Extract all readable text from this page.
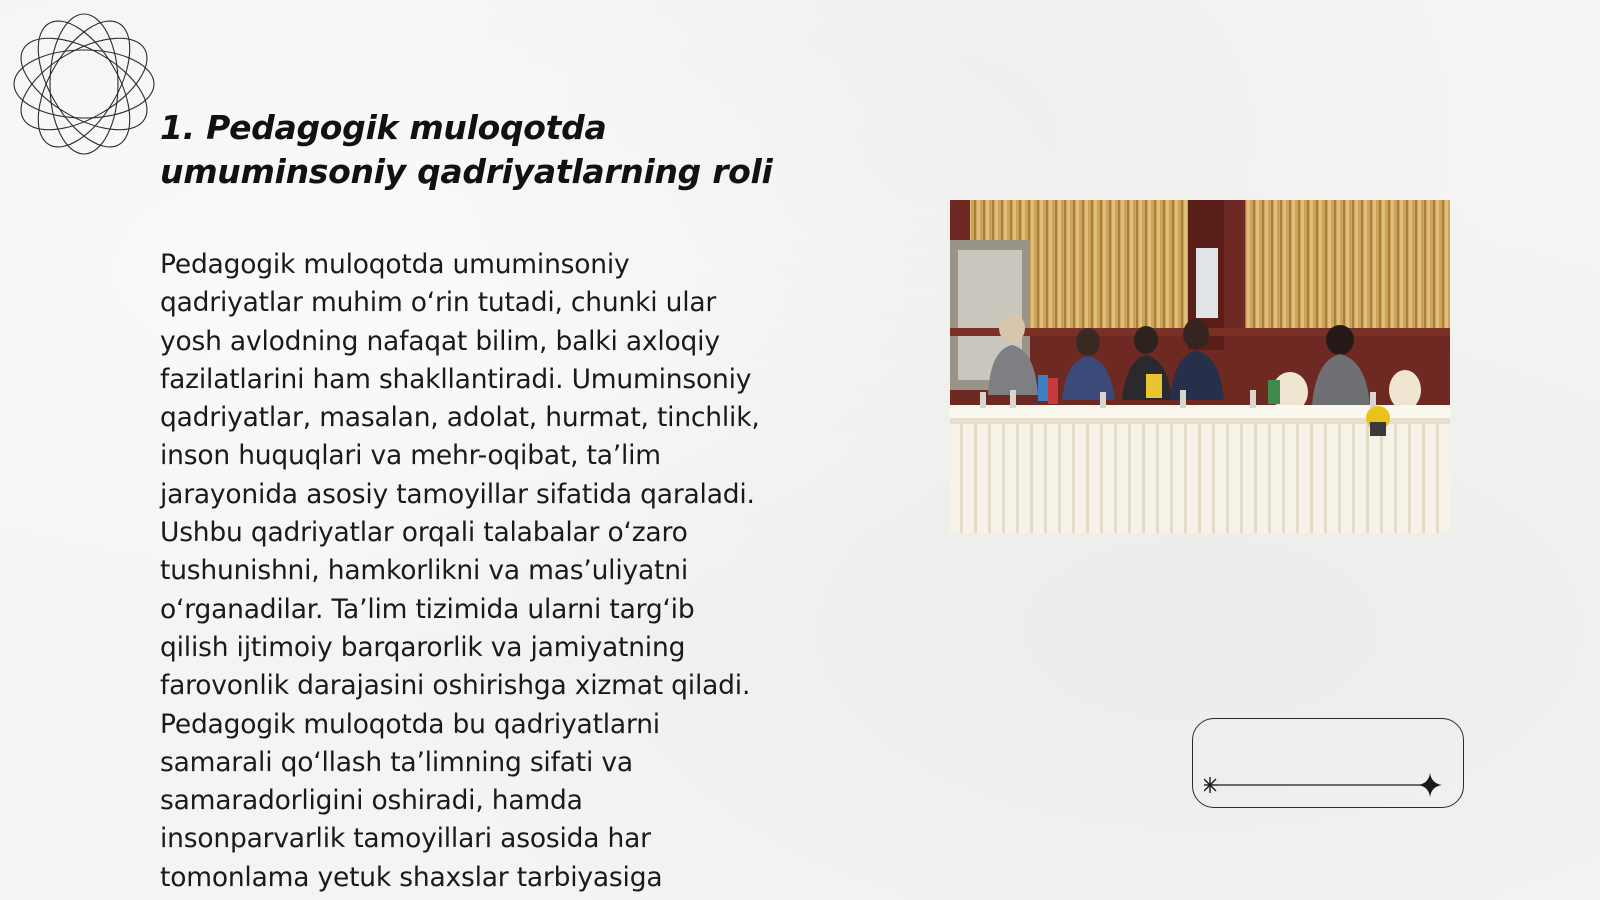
1. Pedagogik muloqotda
umuminsoniy qadriyatlarning roli
Pedagogik muloqotda umuminsoniy
qadriyatlar muhim o‘rin tutadi, chunki ular
yosh avlodning nafaqat bilim, balki axloqiy
fazilatlarini ham shakllantiradi. Umuminsoniy
qadriyatlar, masalan, adolat, hurmat, tinchlik,
inson huquqlari va mehr-oqibat, ta’lim
jarayonida asosiy tamoyillar sifatida qaraladi.
Ushbu qadriyatlar orqali talabalar o‘zaro
tushunishni, hamkorlikni va mas’uliyatni
o‘rganadilar. Ta’lim tizimida ularni targ‘ib
qilish ijtimoiy barqarorlik va jamiyatning
farovonlik darajasini oshirishga xizmat qiladi.
Pedagogik muloqotda bu qadriyatlarni
samarali qo‘llash ta’limning sifati va
samaradorligini oshiradi, hamda
insonparvarlik tamoyillari asosida har
tomonlama yetuk shaxslar tarbiyasiga
